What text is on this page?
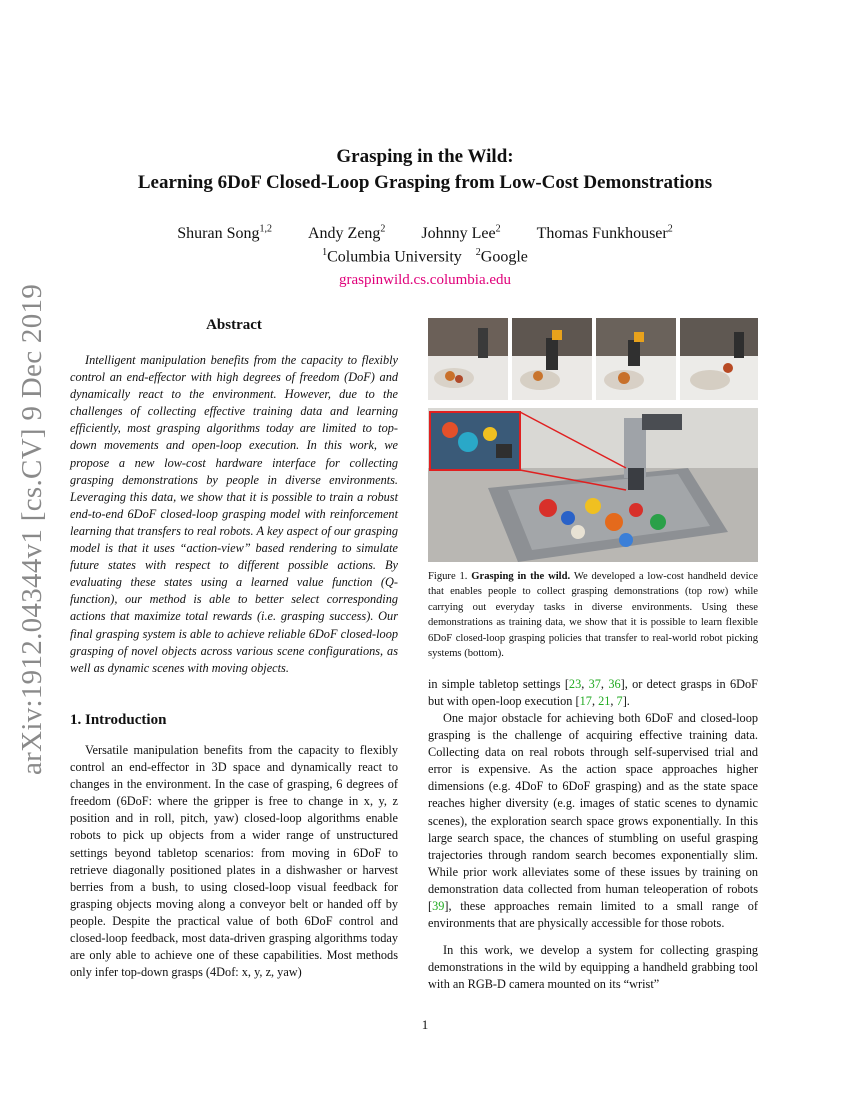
arXiv:1912.04344v1 [cs.CV] 9 Dec 2019
Grasping in the Wild:
Learning 6DoF Closed-Loop Grasping from Low-Cost Demonstrations
Shuran Song$^{1,2}$ Andy Zeng$^2$ Johnny Lee$^2$ Thomas Funkhouser$^2$
$^1$Columbia University $^2$Google
graspinwild.cs.columbia.edu
Abstract

Intelligent manipulation benefits from the capacity to flexibly control an end-effector with high degrees of freedom (DoF) and dynamically react to the environment. However, due to the challenges of collecting effective training data and learning efficiently, most grasping algorithms today are limited to top-down movements and open-loop execution. In this work, we propose a new low-cost hardware interface for collecting grasping demonstrations by people in diverse environments. Leveraging this data, we show that it is possible to train a robust end-to-end 6DoF closed-loop grasping model with reinforcement learning that transfers to real robots. A key aspect of our grasping model is that it uses “action-view” based rendering to simulate future states with respect to different possible actions. By evaluating these states using a learned value function (Q-function), our method is able to better select corresponding actions that maximize total rewards (i.e. grasping success). Our final grasping system is able to achieve reliable 6DoF closed-loop grasping of novel objects across various scene configurations, as well as dynamic scenes with moving objects.

1. Introduction

Versatile manipulation benefits from the capacity to flexibly control an end-effector in 3D space and dynamically react to changes in the environment. In the case of grasping, 6 degrees of freedom (6DoF: where the gripper is free to change in x, y, z position and in roll, pitch, yaw) closed-loop algorithms enable robots to pick up objects from a wider range of unstructured settings beyond tabletop scenarios: from moving in 6DoF to retrieve diagonally positioned plates in a dishwasher or harvest berries from a bush, to using closed-loop visual feedback for grasping objects moving along a conveyor belt or handed off by people. Despite the practical value of both 6DoF control and closed-loop feedback, most data-driven grasping algorithms today are only able to achieve one of these capabilities. Most methods only infer top-down grasps (4Dof: x, y, z, yaw)

Figure 1. Grasping in the wild. We developed a low-cost handheld device that enables people to collect grasping demonstrations (top row) while carrying out everyday tasks in diverse environments. Using these demonstrations as training data, we show that it is possible to learn flexible 6DoF closed-loop grasping policies that transfer to real-world robot picking systems (bottom).

in simple tabletop settings [23, 37, 36], or detect grasps in 6DoF but with open-loop execution [17, 21, 7].

One major obstacle for achieving both 6DoF and closed-loop grasping is the challenge of acquiring effective training data. Collecting data on real robots through self-supervised trial and error is expensive. As the action space approaches higher dimensions (e.g. 4DoF to 6DoF grasping) and as the state space reaches higher diversity (e.g. images of static scenes to dynamic scenes), the exploration search space grows exponentially. In this large search space, the chances of stumbling on useful grasping trajectories through random search becomes exponentially slim. While prior work alleviates some of these issues by training on demonstration data collected from human teleoperation of robots [39], these approaches remain limited to a small range of environments that are physically accessible for those robots.

In this work, we develop a system for collecting grasping demonstrations in the wild by equipping a handheld grabbing tool with an RGB-D camera mounted on its “wrist”

1
